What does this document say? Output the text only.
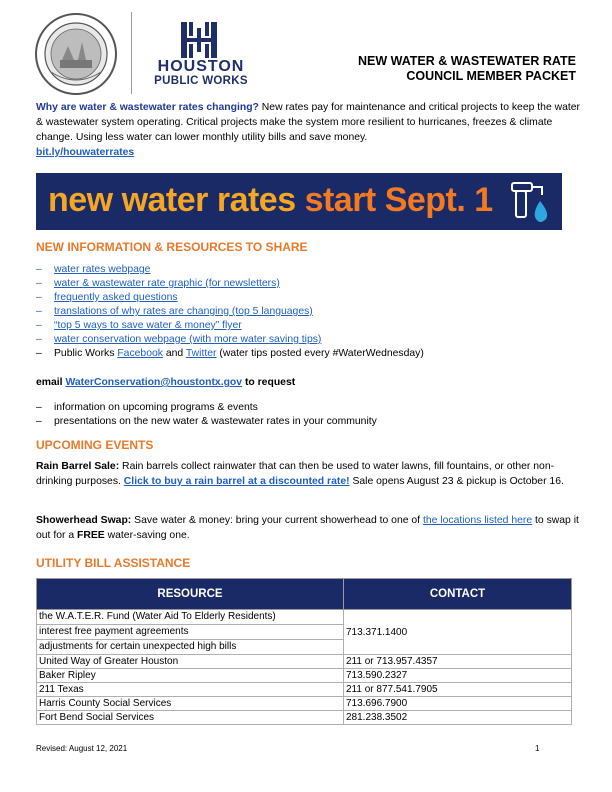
HOUSTON
PUBLIC WORKS
NEW WATER & WASTEWATER RATE
COUNCIL MEMBER PACKET
Why are water & wastewater rates changing? New rates pay for maintenance and critical projects to keep the water & wastewater system operating. Critical projects make the system more resilient to hurricanes, freezes & climate change. Using less water can lower monthly utility bills and save money.
bit.ly/houwaterrates
new water rates start Sept. 1
NEW INFORMATION & RESOURCES TO SHARE
– water rates webpage
– water & wastewater rate graphic (for newsletters)
– frequently asked questions
– translations of why rates are changing (top 5 languages)
– “top 5 ways to save water & money” flyer
– water conservation webpage (with more water saving tips)
– Public Works Facebook and Twitter (water tips posted every #WaterWednesday)
email WaterConservation@houstontx.gov to request
– information on upcoming programs & events
– presentations on the new water & wastewater rates in your community
UPCOMING EVENTS
Rain Barrel Sale: Rain barrels collect rainwater that can then be used to water lawns, fill fountains, or other non-drinking purposes. Click to buy a rain barrel at a discounted rate! Sale opens August 23 & pickup is October 16.
Showerhead Swap: Save water & money: bring your current showerhead to one of the locations listed here to swap it out for a FREE water-saving one.
UTILITY BILL ASSISTANCE
RESOURCE	CONTACT

the W.A.T.E.R. Fund (Water Aid To Elderly Residents)
interest free payment agreements
adjustments for certain unexpected high bills	713.371.1400
United Way of Greater Houston	211 or 713.957.4357
Baker Ripley	713.590.2327
211 Texas	211 or 877.541.7905
Harris County Social Services	713.696.7900
Fort Bend Social Services	281.238.3502
Revised: August 12, 2021	1
